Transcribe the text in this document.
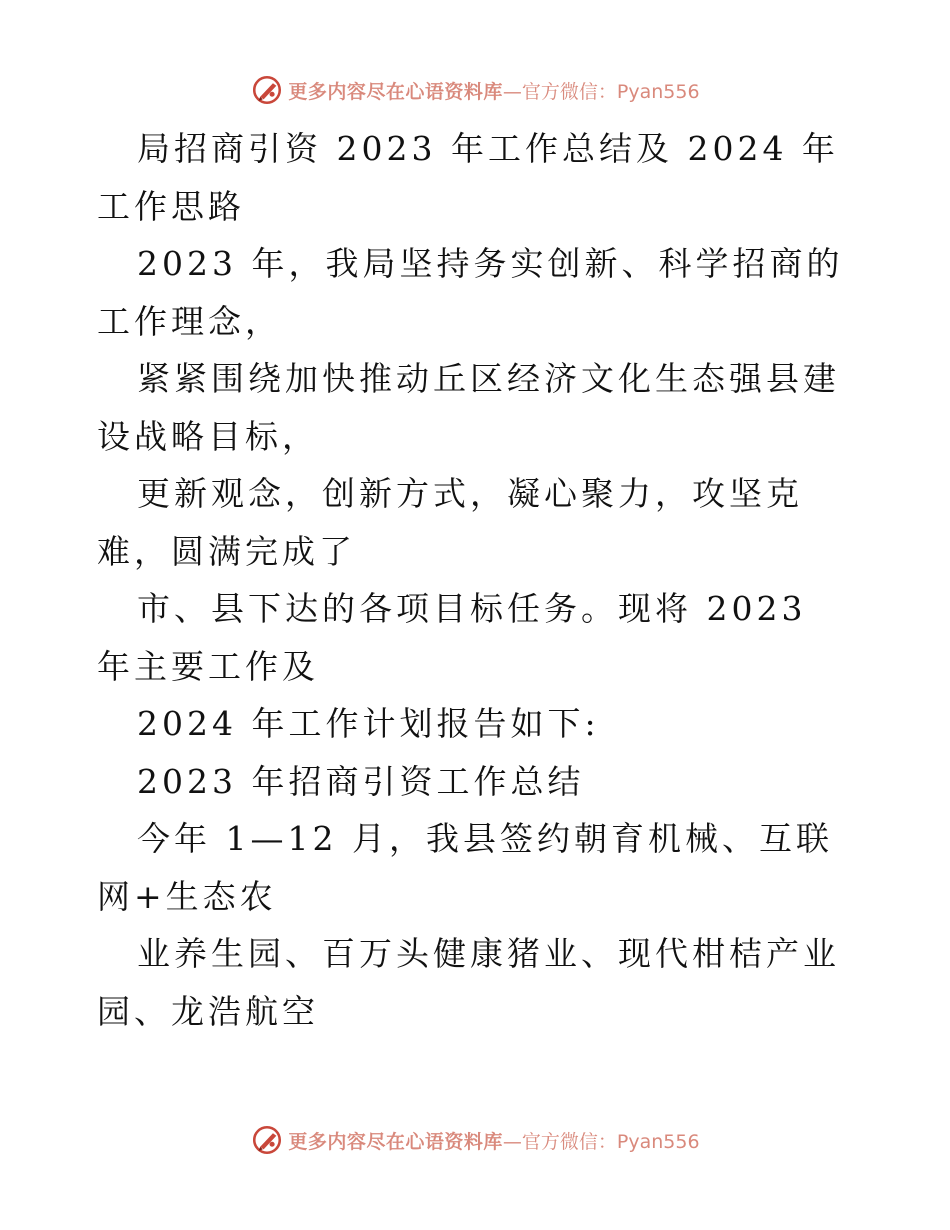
更多内容尽在心语资料库 —官方微信：Pyan556

局招商引资 2023 年工作总结及 2024 年工作思路

2023 年，我局坚持务实创新、科学招商的工作理念，

紧紧围绕加快推动丘区经济文化生态强县建设战略目标，

更新观念，创新方式，凝心聚力，攻坚克难，圆满完成了

市、县下达的各项目标任务。现将 2023 年主要工作及

2024 年工作计划报告如下:

2023 年招商引资工作总结

今年 1—12 月，我县签约朝育机械、互联网+生态农

业养生园、百万头健康猪业、现代柑桔产业园、龙浩航空

更多内容尽在心语资料库 —官方微信：Pyan556
